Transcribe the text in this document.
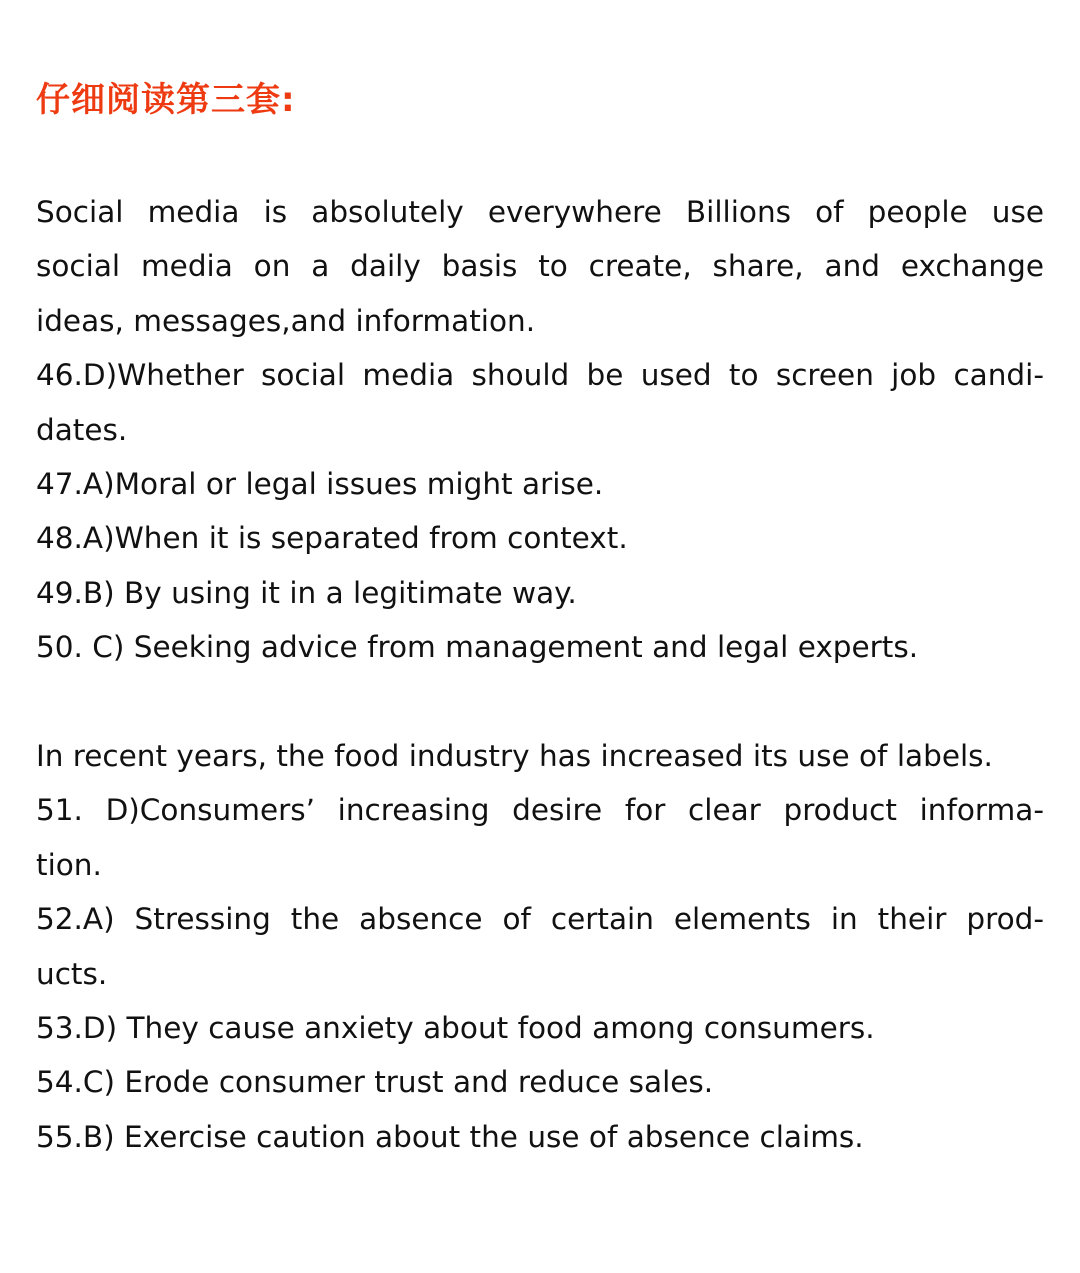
仔细阅读第三套:
Social media is absolutely everywhere Billions of people use
social media on a daily basis to create, share, and exchange
ideas, messages,and information.
46.D)Whether social media should be used to screen job candi-
dates.
47.A)Moral or legal issues might arise.
48.A)When it is separated from context.
49.B) By using it in a legitimate way.
50. C) Seeking advice from management and legal experts.
In recent years, the food industry has increased its use of labels.
51. D)Consumers’ increasing desire for clear product informa-
tion.
52.A) Stressing the absence of certain elements in their prod-
ucts.
53.D) They cause anxiety about food among consumers.
54.C) Erode consumer trust and reduce sales.
55.B) Exercise caution about the use of absence claims.
